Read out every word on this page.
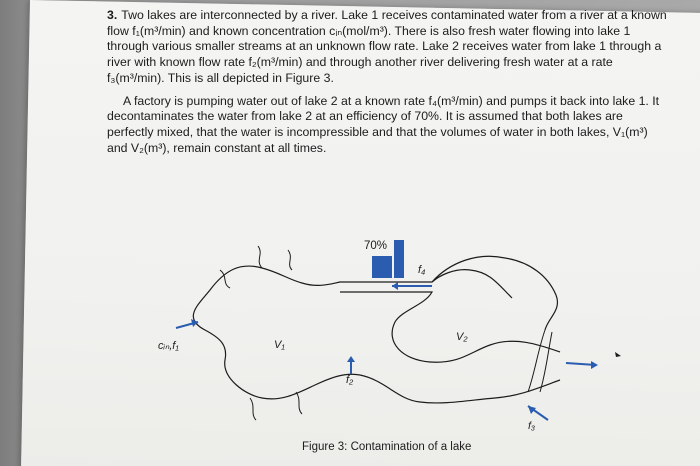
3. Two lakes are interconnected by a river. Lake 1 receives contaminated water from a river at a known flow f₁(m³/min) and known concentration cᵢₙ(mol/m³). There is also fresh water flowing into lake 1 through various smaller streams at an unknown flow rate. Lake 2 receives water from lake 1 through a river with known flow rate f₂(m³/min) and through another river delivering fresh water at a rate f₃(m³/min). This is all depicted in Figure 3.

A factory is pumping water out of lake 2 at a known rate f₄(m³/min) and pumps it back into lake 1. It decontaminates the water from lake 2 at an efficiency of 70%. It is assumed that both lakes are perfectly mixed, that the water is incompressible and that the volumes of water in both lakes, V₁(m³) and V₂(m³), remain constant at all times.

70%
f₄
cᵢₙ,f₁	V₁
V₂
f₂
f₃
Figure 3: Contamination of a lake
